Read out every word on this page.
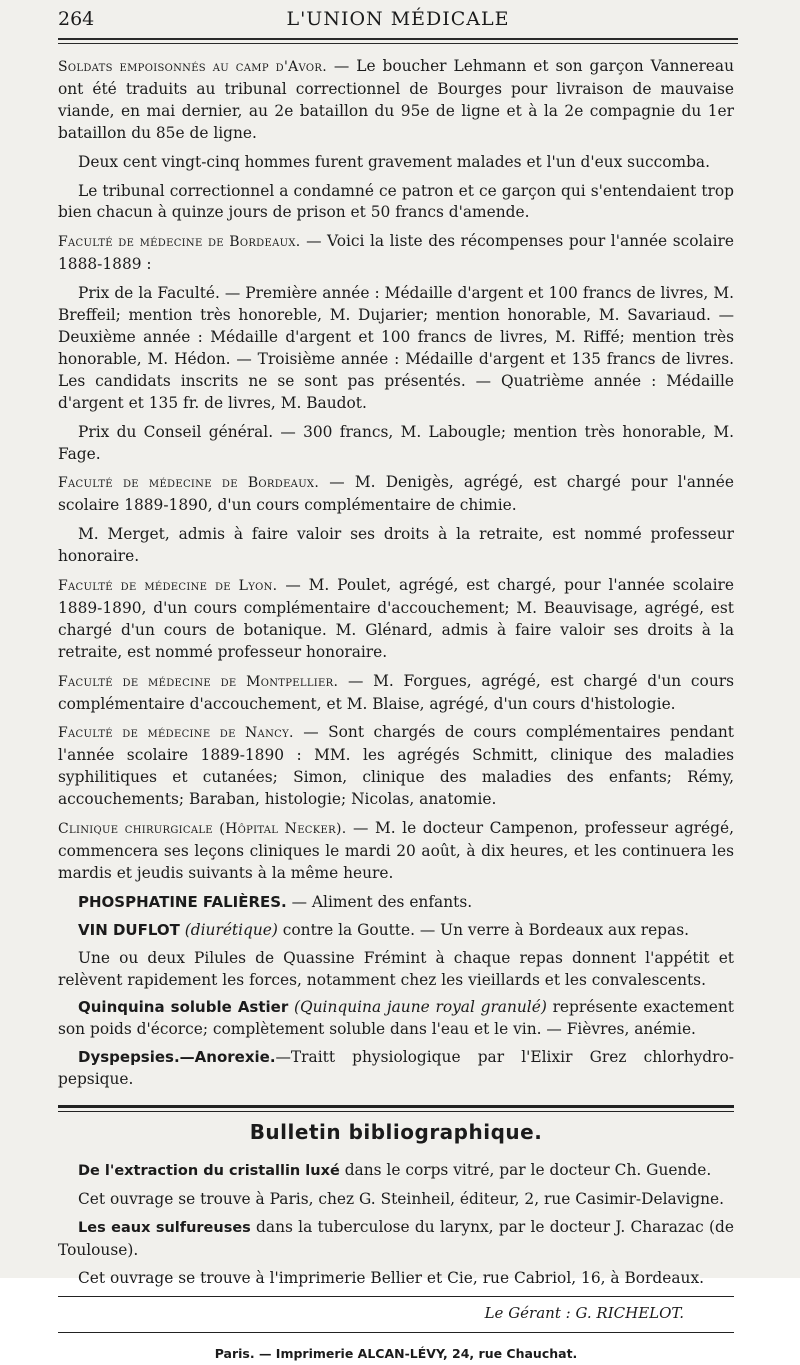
264	L'UNION MÉDICALE

Soldats empoisonnés au camp d'Avor. — Le boucher Lehmann et son garçon Vannereau ont été traduits au tribunal correctionnel de Bourges pour livraison de mauvaise viande, en mai dernier, au 2e bataillon du 95e de ligne et à la 2e compagnie du 1er bataillon du 85e de ligne.

Deux cent vingt-cinq hommes furent gravement malades et l'un d'eux succomba.

Le tribunal correctionnel a condamné ce patron et ce garçon qui s'entendaient trop bien chacun à quinze jours de prison et 50 francs d'amende.

Faculté de médecine de Bordeaux. — Voici la liste des récompenses pour l'année scolaire 1888-1889 :

Prix de la Faculté. — Première année : Médaille d'argent et 100 francs de livres, M. Breffeil; mention très honoreble, M. Dujarier; mention honorable, M. Savariaud. — Deuxième année : Médaille d'argent et 100 francs de livres, M. Riffé; mention très honorable, M. Hédon. — Troisième année : Médaille d'argent et 135 francs de livres. Les candidats inscrits ne se sont pas présentés. — Quatrième année : Médaille d'argent et 135 fr. de livres, M. Baudot.

Prix du Conseil général. — 300 francs, M. Labougle; mention très honorable, M. Fage.

Faculté de médecine de Bordeaux. — M. Denigès, agrégé, est chargé pour l'année scolaire 1889-1890, d'un cours complémentaire de chimie.

M. Merget, admis à faire valoir ses droits à la retraite, est nommé professeur honoraire.

Faculté de médecine de Lyon. — M. Poulet, agrégé, est chargé, pour l'année scolaire 1889-1890, d'un cours complémentaire d'accouchement; M. Beauvisage, agrégé, est chargé d'un cours de botanique. M. Glénard, admis à faire valoir ses droits à la retraite, est nommé professeur honoraire.

Faculté de médecine de Montpellier. — M. Forgues, agrégé, est chargé d'un cours complémentaire d'accouchement, et M. Blaise, agrégé, d'un cours d'histologie.

Faculté de médecine de Nancy. — Sont chargés de cours complémentaires pendant l'année scolaire 1889-1890 : MM. les agrégés Schmitt, clinique des maladies syphilitiques et cutanées; Simon, clinique des maladies des enfants; Rémy, accouchements; Baraban, histologie; Nicolas, anatomie.

Clinique chirurgicale (Hôpital Necker). — M. le docteur Campenon, professeur agrégé, commencera ses leçons cliniques le mardi 20 août, à dix heures, et les continuera les mardis et jeudis suivants à la même heure.

PHOSPHATINE FALIÈRES. — Aliment des enfants.

VIN DUFLOT (diurétique) contre la Goutte. — Un verre à Bordeaux aux repas.

Une ou deux Pilules de Quassine Frémint à chaque repas donnent l'appétit et relèvent rapidement les forces, notamment chez les vieillards et les convalescents.

Quinquina soluble Astier (Quinquina jaune royal granulé) représente exactement son poids d'écorce; complètement soluble dans l'eau et le vin. — Fièvres, anémie.

Dyspepsies.—Anorexie.—Traitt physiologique par l'Elixir Grez chlorhydro-pepsique.

Bulletin bibliographique.

De l'extraction du cristallin luxé dans le corps vitré, par le docteur Ch. Guende.

Cet ouvrage se trouve à Paris, chez G. Steinheil, éditeur, 2, rue Casimir-Delavigne.

Les eaux sulfureuses dans la tuberculose du larynx, par le docteur J. Charazac (de Toulouse).

Cet ouvrage se trouve à l'imprimerie Bellier et Cie, rue Cabriol, 16, à Bordeaux.

Le Gérant : G. RICHELOT.
Paris. — Imprimerie ALCAN-LÉVY, 24, rue Chauchat.
